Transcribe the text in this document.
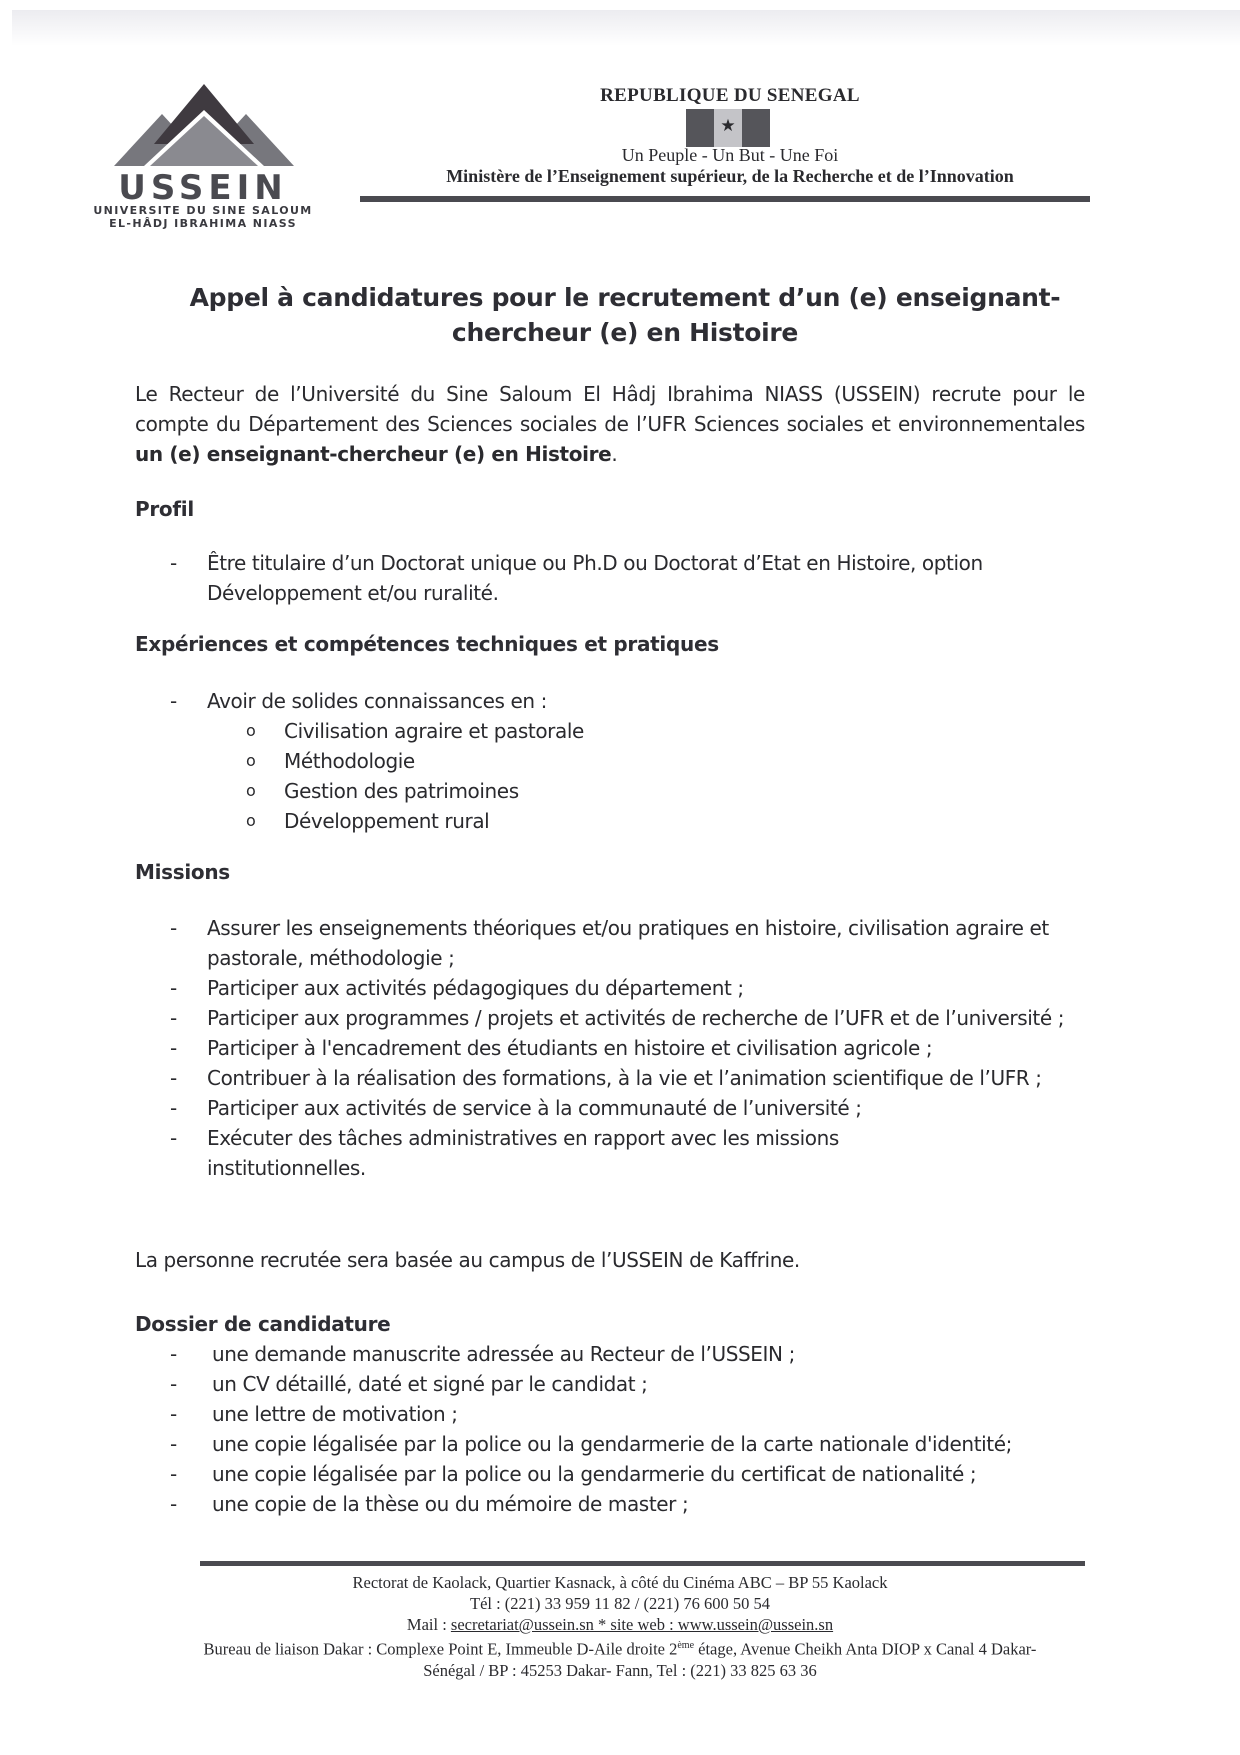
USSEIN
UNIVERSITE DU SINE SALOUM
EL-HÂDJ IBRAHIMA NIASS
REPUBLIQUE DU SENEGAL
★
Un Peuple - Un But - Une Foi
Ministère de l’Enseignement supérieur, de la Recherche et de l’Innovation
Appel à candidatures pour le recrutement d’un (e) enseignant-
chercheur (e) en Histoire
Le Recteur de l’Université du Sine Saloum El Hâdj Ibrahima NIASS (USSEIN) recrute pour le compte du Département des Sciences sociales de l’UFR Sciences sociales et environnementales un (e) enseignant-chercheur (e) en Histoire.
Profil
- Être titulaire d’un Doctorat unique ou Ph.D ou Doctorat d’Etat en Histoire, option Développement et/ou ruralité.
Expériences et compétences techniques et pratiques
- Avoir de solides connaissances en :
o Civilisation agraire et pastorale
o Méthodologie
o Gestion des patrimoines
o Développement rural
Missions
- Assurer les enseignements théoriques et/ou pratiques en histoire, civilisation agraire et pastorale, méthodologie ;
- Participer aux activités pédagogiques du département ;
- Participer aux programmes / projets et activités de recherche de l’UFR et de l’université ;
- Participer à l'encadrement des étudiants en histoire et civilisation agricole ;
- Contribuer à la réalisation des formations, à la vie et l’animation scientifique de l’UFR ;
- Participer aux activités de service à la communauté de l’université ;
- Exécuter des tâches administratives en rapport avec les missions institutionnelles.
La personne recrutée sera basée au campus de l’USSEIN de Kaffrine.
Dossier de candidature
- une demande manuscrite adressée au Recteur de l’USSEIN ;
- un CV détaillé, daté et signé par le candidat ;
- une lettre de motivation ;
- une copie légalisée par la police ou la gendarmerie de la carte nationale d'identité;
- une copie légalisée par la police ou la gendarmerie du certificat de nationalité ;
- une copie de la thèse ou du mémoire de master ;
Rectorat de Kaolack, Quartier Kasnack, à côté du Cinéma ABC – BP 55 Kaolack
Tél : (221) 33 959 11 82 / (221) 76 600 50 54
Mail : secretariat@ussein.sn * site web : www.ussein@ussein.sn
Bureau de liaison Dakar : Complexe Point E, Immeuble D-Aile droite 2ème étage, Avenue Cheikh Anta DIOP x Canal 4 Dakar-
Sénégal / BP : 45253 Dakar- Fann, Tel : (221) 33 825 63 36
